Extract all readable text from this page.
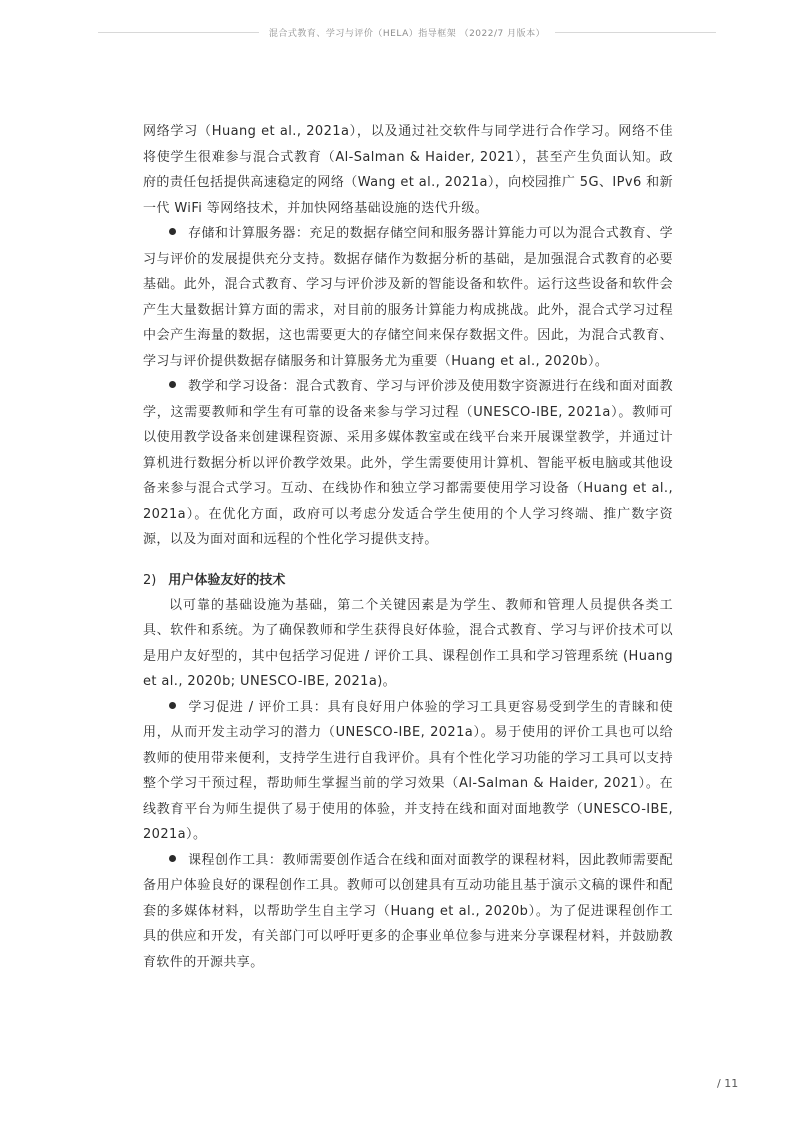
混合式教育、学习与评价（HELA）指导框架 （2022/7 月版本）

网络学习（Huang et al., 2021a），以及通过社交软件与同学进行合作学习。网络不佳将使学生很难参与混合式教育（Al-Salman & Haider, 2021），甚至产生负面认知。政府的责任包括提供高速稳定的网络（Wang et al., 2021a），向校园推广 5G、IPv6 和新一代 WiFi 等网络技术，并加快网络基础设施的迭代升级。

存储和计算服务器：充足的数据存储空间和服务器计算能力可以为混合式教育、学习与评价的发展提供充分支持。数据存储作为数据分析的基础，是加强混合式教育的必要基础。此外，混合式教育、学习与评价涉及新的智能设备和软件。运行这些设备和软件会产生大量数据计算方面的需求，对目前的服务计算能力构成挑战。此外，混合式学习过程中会产生海量的数据，这也需要更大的存储空间来保存数据文件。因此，为混合式教育、学习与评价提供数据存储服务和计算服务尤为重要（Huang et al., 2020b）。

教学和学习设备：混合式教育、学习与评价涉及使用数字资源进行在线和面对面教学，这需要教师和学生有可靠的设备来参与学习过程（UNESCO-IBE, 2021a）。教师可以使用教学设备来创建课程资源、采用多媒体教室或在线平台来开展课堂教学，并通过计算机进行数据分析以评价教学效果。此外，学生需要使用计算机、智能平板电脑或其他设备来参与混合式学习。互动、在线协作和独立学习都需要使用学习设备（Huang et al., 2021a）。在优化方面，政府可以考虑分发适合学生使用的个人学习终端、推广数字资源，以及为面对面和远程的个性化学习提供支持。

2) 用户体验友好的技术

以可靠的基础设施为基础，第二个关键因素是为学生、教师和管理人员提供各类工具、软件和系统。为了确保教师和学生获得良好体验，混合式教育、学习与评价技术可以是用户友好型的，其中包括学习促进 / 评价工具、课程创作工具和学习管理系统 (Huang et al., 2020b; UNESCO-IBE, 2021a)。

学习促进 / 评价工具：具有良好用户体验的学习工具更容易受到学生的青睐和使用，从而开发主动学习的潜力（UNESCO-IBE, 2021a）。易于使用的评价工具也可以给教师的使用带来便利，支持学生进行自我评价。具有个性化学习功能的学习工具可以支持整个学习干预过程，帮助师生掌握当前的学习效果（Al-Salman & Haider, 2021）。在线教育平台为师生提供了易于使用的体验，并支持在线和面对面地教学（UNESCO-IBE, 2021a）。

课程创作工具：教师需要创作适合在线和面对面教学的课程材料，因此教师需要配备用户体验良好的课程创作工具。教师可以创建具有互动功能且基于演示文稿的课件和配套的多媒体材料，以帮助学生自主学习（Huang et al., 2020b）。为了促进课程创作工具的供应和开发，有关部门可以呼吁更多的企事业单位参与进来分享课程材料，并鼓励教育软件的开源共享。

/ 11
